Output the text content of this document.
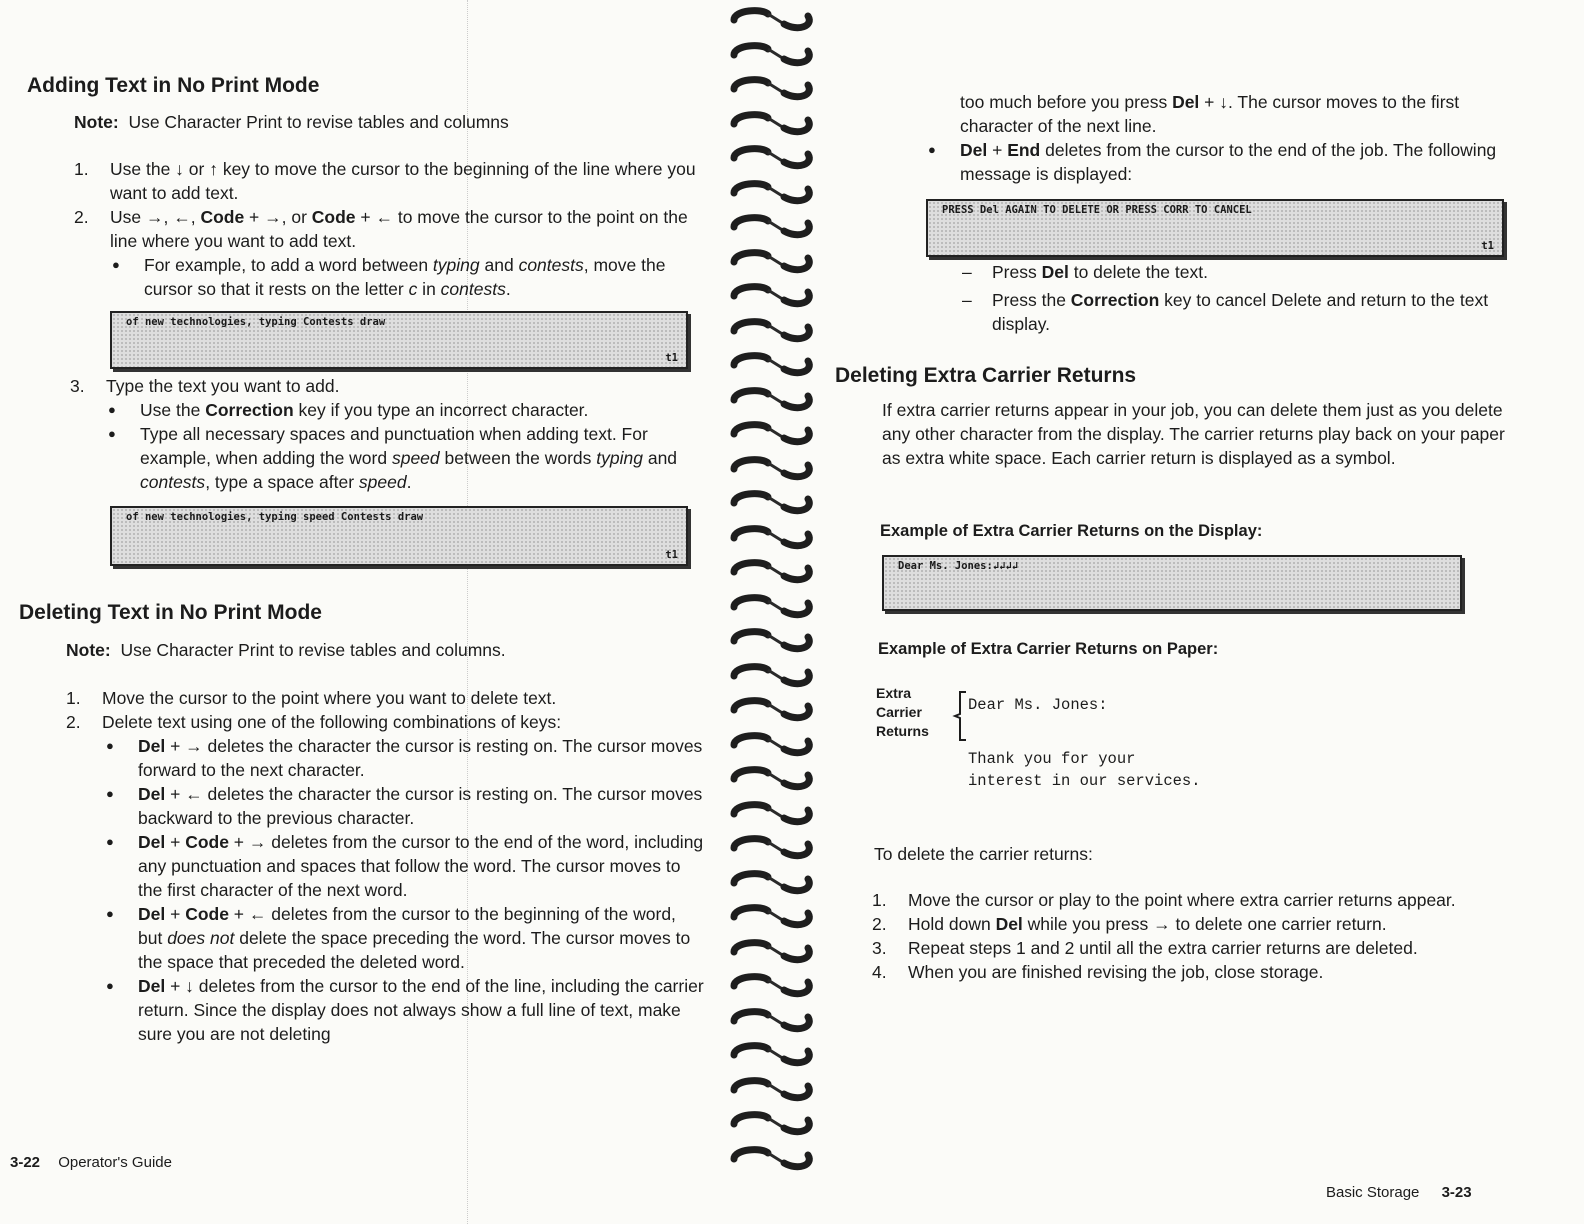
Adding Text in No Print Mode
Note: Use Character Print to revise tables and columns
1. Use the ↓ or ↑ key to move the cursor to the beginning of the line where you want to add text.
2. Use →, ←, Code + →, or Code + ← to move the cursor to the point on the line where you want to add text.
● For example, to add a word between typing and contests, move the cursor so that it rests on the letter c in contests.
of new technologies, typing Contests draw
t1
3. Type the text you want to add.
● Use the Correction key if you type an incorrect character.
● Type all necessary spaces and punctuation when adding text. For example, when adding the word speed between the words typing and contests, type a space after speed.
of new technologies, typing speed Contests draw
t1
Deleting Text in No Print Mode
Note: Use Character Print to revise tables and columns.
1. Move the cursor to the point where you want to delete text.
2. Delete text using one of the following combinations of keys:
● Del + → deletes the character the cursor is resting on. The cursor moves forward to the next character.
● Del + ← deletes the character the cursor is resting on. The cursor moves backward to the previous character.
● Del + Code + → deletes from the cursor to the end of the word, including any punctuation and spaces that follow the word. The cursor moves to the first character of the next word.
● Del + Code + ← deletes from the cursor to the beginning of the word, but does not delete the space preceding the word. The cursor moves to the space that preceded the deleted word.
● Del + ↓ deletes from the cursor to the end of the line, including the carrier return. Since the display does not always show a full line of text, make sure you are not deleting
3-22 Operator's Guide
too much before you press Del + ↓. The cursor moves to the first character of the next line.
● Del + End deletes from the cursor to the end of the job. The following message is displayed:
PRESS Del AGAIN TO DELETE OR PRESS CORR TO CANCEL
t1
– Press Del to delete the text.
– Press the Correction key to cancel Delete and return to the text display.
Deleting Extra Carrier Returns
If extra carrier returns appear in your job, you can delete them just as you delete any other character from the display. The carrier returns play back on your paper as extra white space. Each carrier return is displayed as a symbol.
Example of Extra Carrier Returns on the Display:
Dear Ms. Jones:↲↲↲↲
Example of Extra Carrier Returns on Paper:
Dear Ms. Jones:
Extra
Carrier
Returns
Thank you for your
interest in our services.
To delete the carrier returns:
1. Move the cursor or play to the point where extra carrier returns appear.
2. Hold down Del while you press → to delete one carrier return.
3. Repeat steps 1 and 2 until all the extra carrier returns are deleted.
4. When you are finished revising the job, close storage.
Basic Storage 3-23
